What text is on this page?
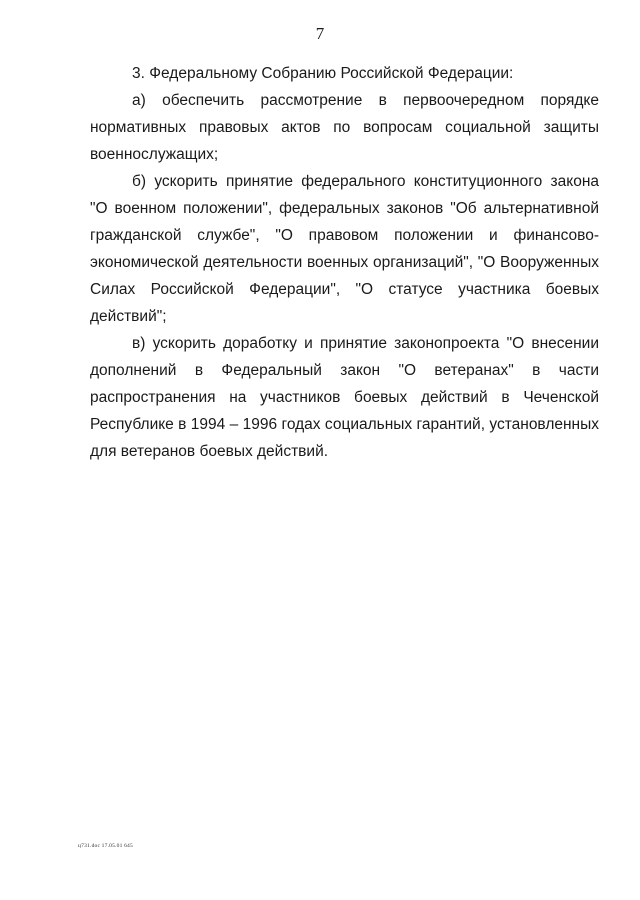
7

3. Федеральному Собранию Российской Федерации:

а) обеспечить рассмотрение в первоочередном порядке нормативных правовых актов по вопросам социальной защиты военнослужащих;

б) ускорить принятие федерального конституционного закона "О военном положении", федеральных законов "Об альтернативной гражданской службе", "О правовом положении и финансово-экономической деятельности военных организаций", "О Вооруженных Силах Российской Федерации", "О статусе участника боевых действий";

в) ускорить доработку и принятие законопроекта "О внесении дополнений в Федеральный закон "О ветеранах" в части распространения на участников боевых действий в Чеченской Республике в 1994 – 1996 годах социальных гарантий, установленных для ветеранов боевых действий.

ц731.doc 17.05.01 645
